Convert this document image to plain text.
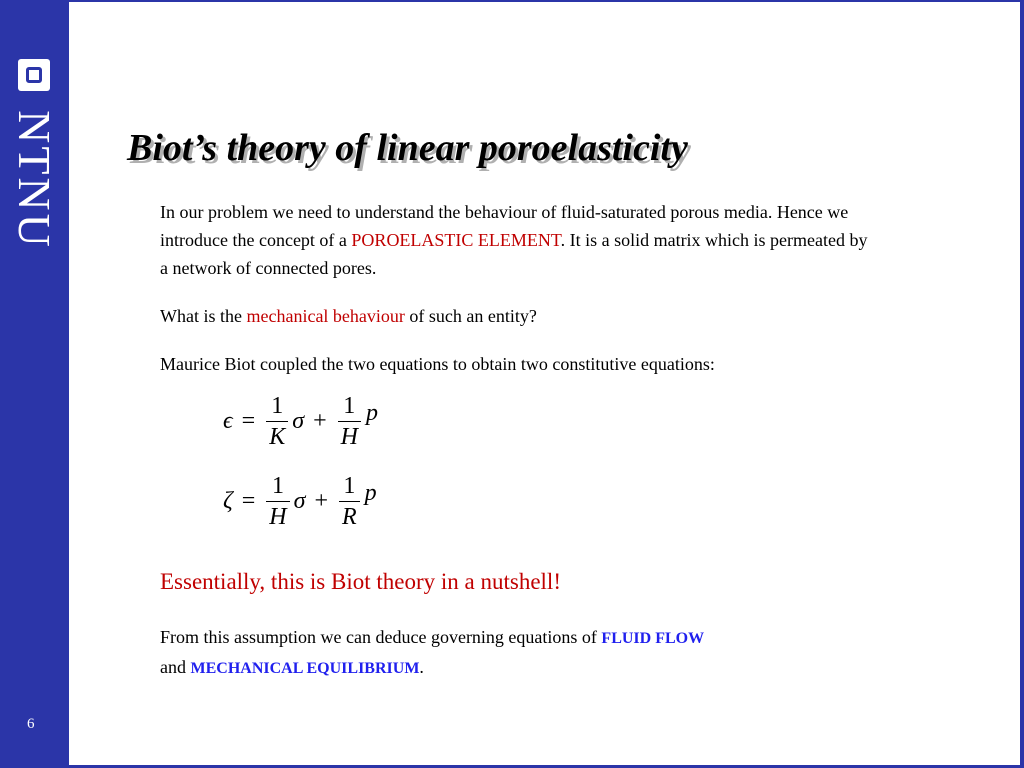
NTNU
6
Biot’s theory of linear poroelasticity

In our problem we need to understand the behaviour of fluid-saturated porous media. Hence we introduce the concept of a POROELASTIC ELEMENT. It is a solid matrix which is permeated by a network of connected pores.

What is the mechanical behaviour of such an entity?

Maurice Biot coupled the two equations to obtain two constitutive equations:

$\epsilon = \frac{1}{K}$ $\sigma + \frac{1}{H}$ p
$\zeta = \frac{1}{H}$ $\sigma + \frac{1}{R}$ p

Essentially, this is Biot theory in a nutshell!

From this assumption we can deduce governing equations of FLUID FLOW
and MECHANICAL EQUILIBRIUM.
